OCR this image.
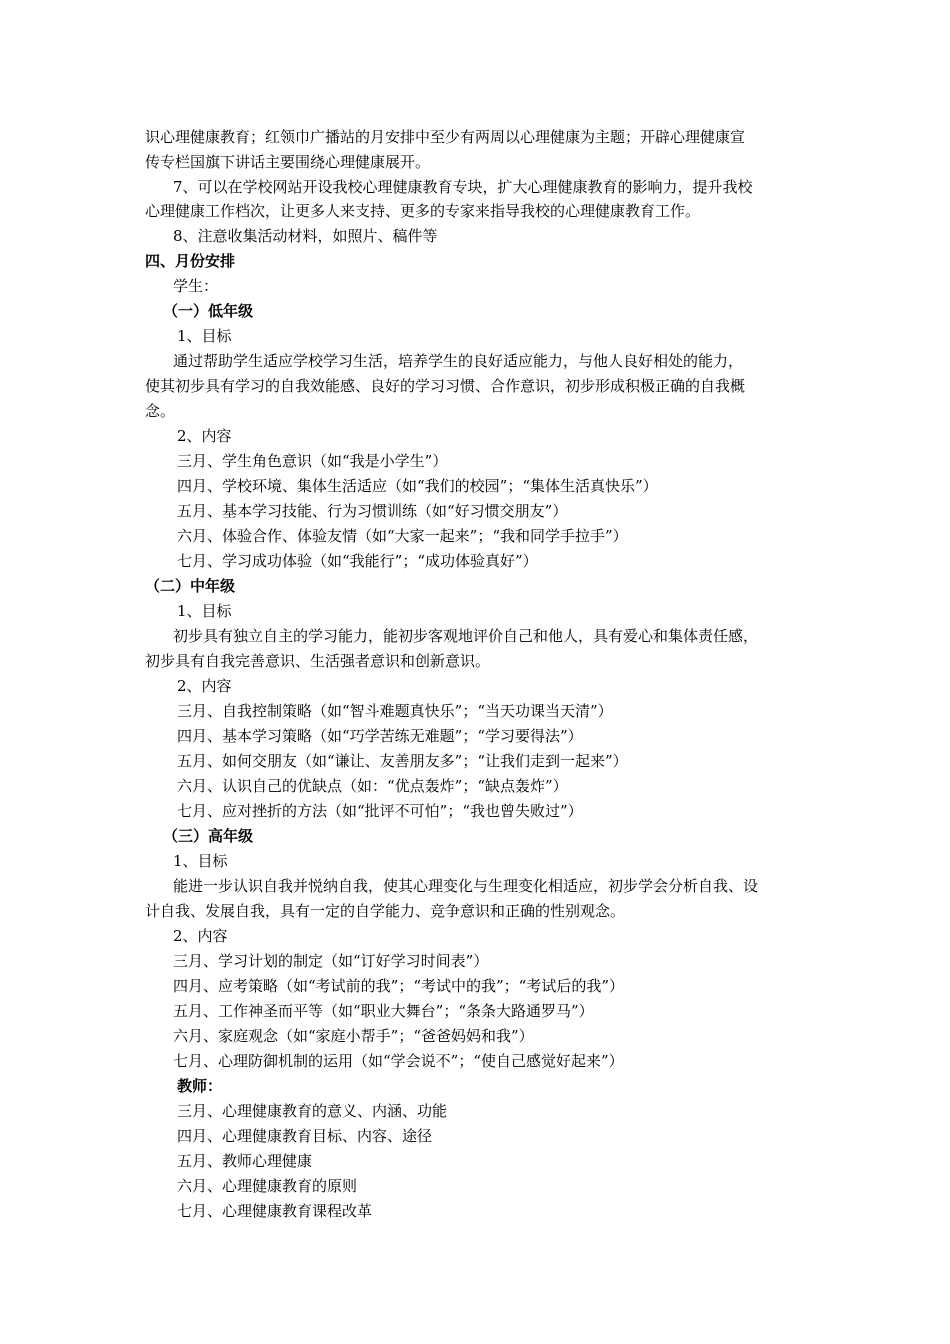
识心理健康教育；红领巾广播站的月安排中至少有两周以心理健康为主题；开辟心理健康宣
传专栏国旗下讲话主要围绕心理健康展开。
7、可以在学校网站开设我校心理健康教育专块，扩大心理健康教育的影响力，提升我校
心理健康工作档次，让更多人来支持、更多的专家来指导我校的心理健康教育工作。
8、注意收集活动材料，如照片、稿件等
四、月份安排
学生：
（一）低年级
1、目标
通过帮助学生适应学校学习生活，培养学生的良好适应能力，与他人良好相处的能力，
使其初步具有学习的自我效能感、良好的学习习惯、合作意识，初步形成积极正确的自我概
念。
2、内容
三月、学生角色意识（如“我是小学生”）
四月、学校环境、集体生活适应（如“我们的校园”；“集体生活真快乐”）
五月、基本学习技能、行为习惯训练（如“好习惯交朋友”）
六月、体验合作、体验友情（如“大家一起来”；“我和同学手拉手”）
七月、学习成功体验（如“我能行”；“成功体验真好”）
（二）中年级
1、目标
初步具有独立自主的学习能力，能初步客观地评价自己和他人，具有爱心和集体责任感，
初步具有自我完善意识、生活强者意识和创新意识。
2、内容
三月、自我控制策略（如“智斗难题真快乐”；“当天功课当天清”）
四月、基本学习策略（如“巧学苦练无难题”；“学习要得法”）
五月、如何交朋友（如“谦让、友善朋友多”；“让我们走到一起来”）
六月、认识自己的优缺点（如：“优点轰炸”；“缺点轰炸”）
七月、应对挫折的方法（如“批评不可怕”；“我也曾失败过”）
（三）高年级
1、目标
能进一步认识自我并悦纳自我，使其心理变化与生理变化相适应，初步学会分析自我、设
计自我、发展自我，具有一定的自学能力、竞争意识和正确的性别观念。
2、内容
三月、学习计划的制定（如“订好学习时间表”）
四月、应考策略（如“考试前的我”；“考试中的我”；“考试后的我”）
五月、工作神圣而平等（如“职业大舞台”；“条条大路通罗马”）
六月、家庭观念（如“家庭小帮手”；“爸爸妈妈和我”）
七月、心理防御机制的运用（如“学会说不”；“使自己感觉好起来”）
教师：
三月、心理健康教育的意义、内涵、功能
四月、心理健康教育目标、内容、途径
五月、教师心理健康
六月、心理健康教育的原则
七月、心理健康教育课程改革
